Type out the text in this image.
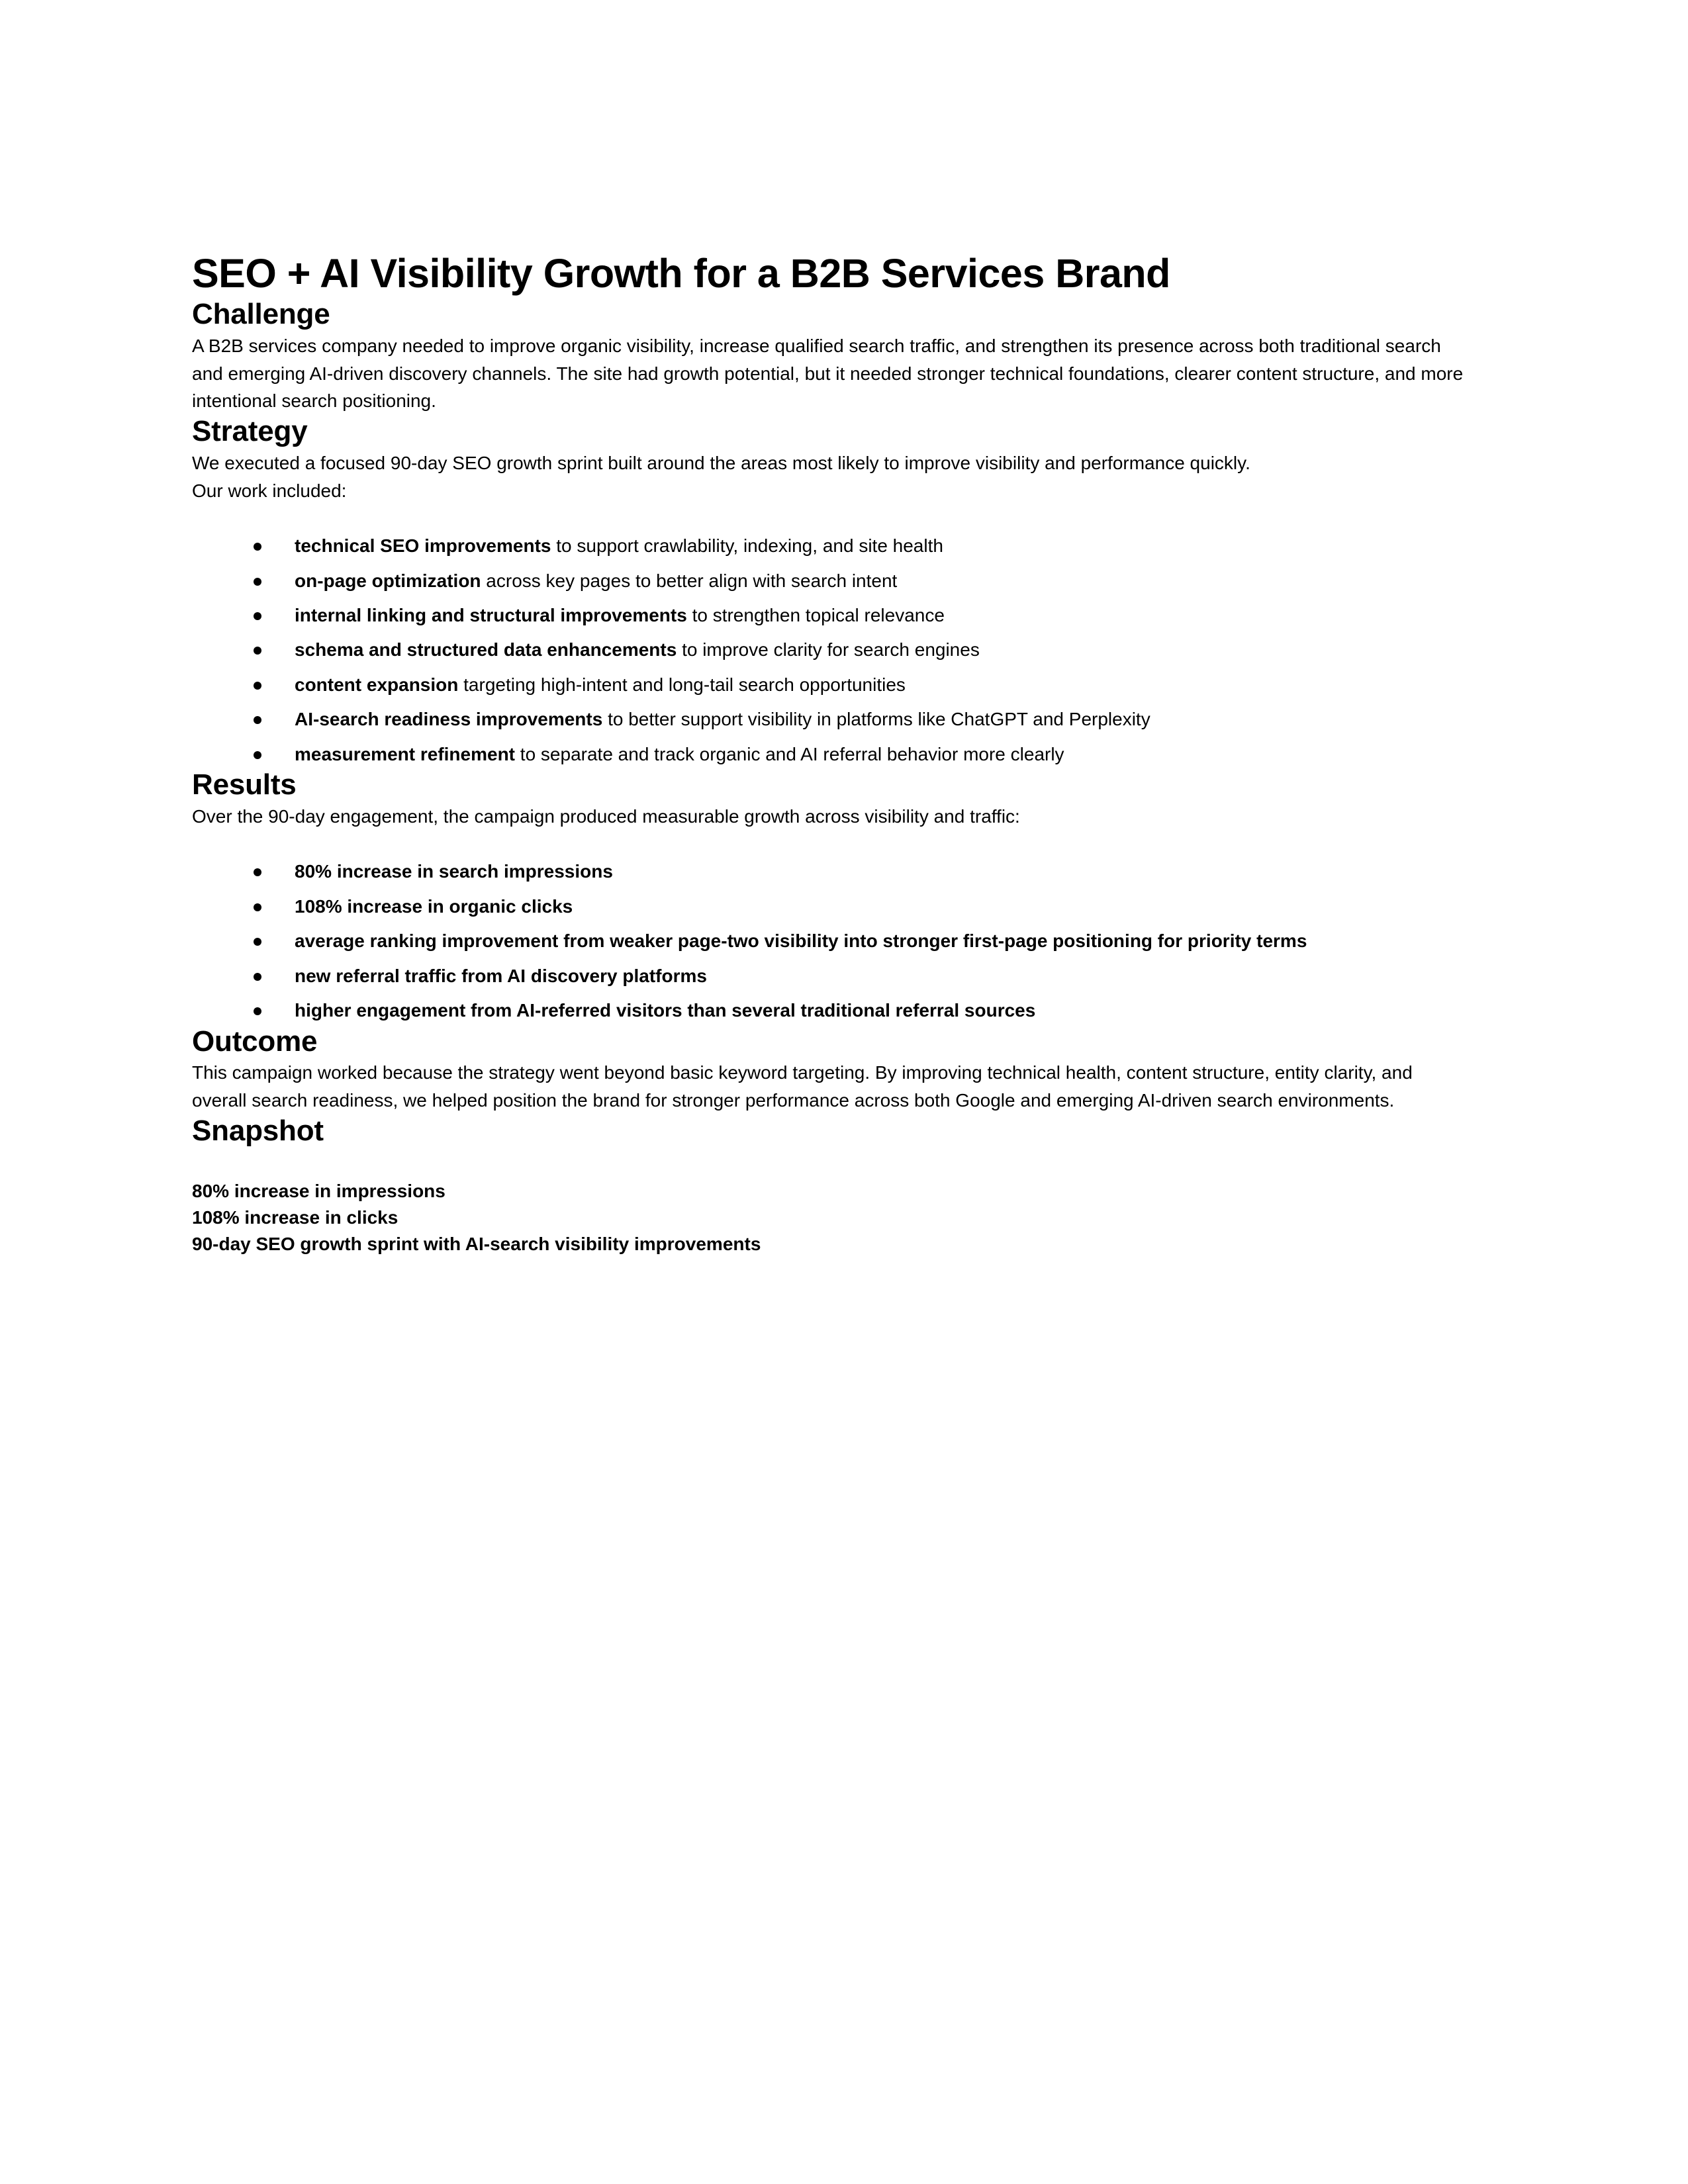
SEO + AI Visibility Growth for a B2B Services Brand
Challenge

A B2B services company needed to improve organic visibility, increase qualified search traffic, and strengthen its presence across both traditional search and emerging AI-driven discovery channels. The site had growth potential, but it needed stronger technical foundations, clearer content structure, and more intentional search positioning.

Strategy

We executed a focused 90-day SEO growth sprint built around the areas most likely to improve visibility and performance quickly.

Our work included:

technical SEO improvements to support crawlability, indexing, and site health
on-page optimization across key pages to better align with search intent
internal linking and structural improvements to strengthen topical relevance
schema and structured data enhancements to improve clarity for search engines
content expansion targeting high-intent and long-tail search opportunities
AI-search readiness improvements to better support visibility in platforms like ChatGPT and Perplexity
measurement refinement to separate and track organic and AI referral behavior more clearly
Results

Over the 90-day engagement, the campaign produced measurable growth across visibility and traffic:

80% increase in search impressions
108% increase in organic clicks
average ranking improvement from weaker page-two visibility into stronger first-page positioning for priority terms
new referral traffic from AI discovery platforms
higher engagement from AI-referred visitors than several traditional referral sources
Outcome

This campaign worked because the strategy went beyond basic keyword targeting. By improving technical health, content structure, entity clarity, and overall search readiness, we helped position the brand for stronger performance across both Google and emerging AI-driven search environments.

Snapshot
80% increase in impressions
108% increase in clicks
90-day SEO growth sprint with AI-search visibility improvements
